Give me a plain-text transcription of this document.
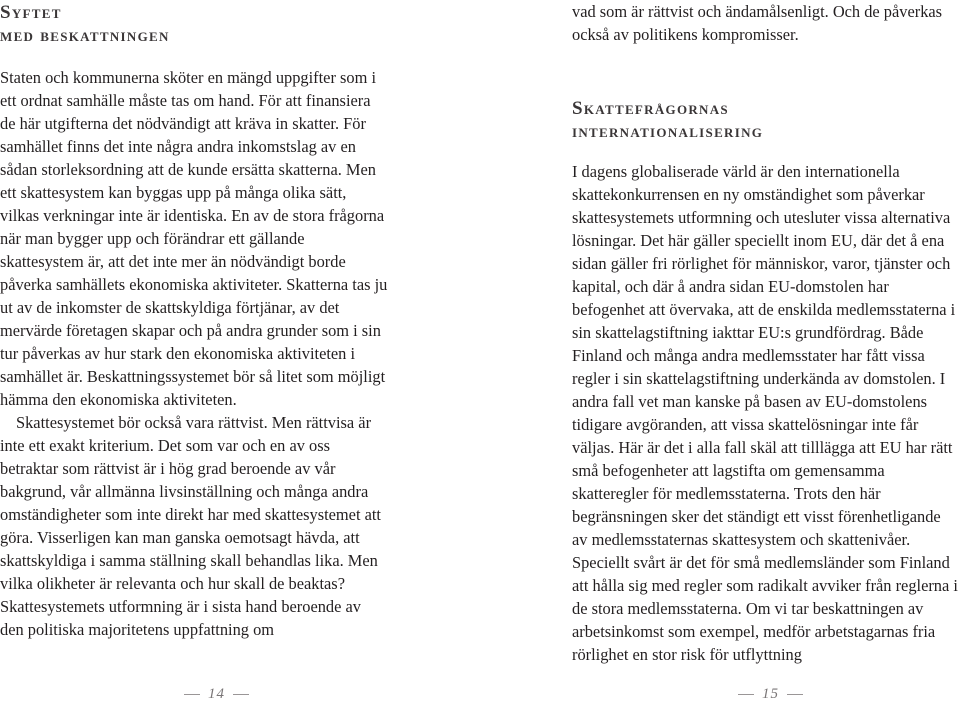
Syftet
med beskattningen

Staten och kommunerna sköter en mängd uppgifter som i ett ordnat samhälle måste tas om hand. För att finansiera de här utgifterna det nödvändigt att kräva in skatter. För samhället finns det inte några andra inkomstslag av en sådan storleksordning att de kunde ersätta skatterna. Men ett skattesystem kan byggas upp på många olika sätt, vilkas verkningar inte är identiska. En av de stora frågorna när man bygger upp och förändrar ett gällande skattesystem är, att det inte mer än nödvändigt borde påverka samhällets ekonomiska aktiviteter. Skatterna tas ju ut av de inkomster de skattskyldiga förtjänar, av det mervärde företagen skapar och på andra grunder som i sin tur påverkas av hur stark den ekonomiska aktiviteten i samhället är. Beskattningssystemet bör så litet som möjligt hämma den ekonomiska aktiviteten.

Skattesystemet bör också vara rättvist. Men rättvisa är inte ett exakt kriterium. Det som var och en av oss betraktar som rättvist är i hög grad beroende av vår bakgrund, vår allmänna livsinställning och många andra omständigheter som inte direkt har med skattesystemet att göra. Visserligen kan man ganska oemotsagt hävda, att skattskyldiga i samma ställning skall behandlas lika. Men vilka olikheter är relevanta och hur skall de beaktas? Skattesystemets utformning är i sista hand beroende av den politiska majoritetens uppfattning om

14

vad som är rättvist och ändamålsenligt. Och de påverkas också av politikens kompromisser.

Skattefrågornas
internationalisering

I dagens globaliserade värld är den internationella skattekonkurrensen en ny omständighet som påverkar skattesystemets utformning och utesluter vissa alternativa lösningar. Det här gäller speciellt inom EU, där det å ena sidan gäller fri rörlighet för människor, varor, tjänster och kapital, och där å andra sidan EU-domstolen har befogenhet att övervaka, att de enskilda medlemsstaterna i sin skattelagstiftning iakttar EU:s grundfördrag. Både Finland och många andra medlemsstater har fått vissa regler i sin skattelagstiftning underkända av domstolen. I andra fall vet man kanske på basen av EU-domstolens tidigare avgöranden, att vissa skattelösningar inte får väljas. Här är det i alla fall skäl att tilllägga att EU har rätt små befogenheter att lagstifta om gemensamma skatteregler för medlemsstaterna. Trots den här begränsningen sker det ständigt ett visst förenhetligande av medlemsstaternas skattesystem och skattenivåer. Speciellt svårt är det för små medlemsländer som Finland att hålla sig med regler som radikalt avviker från reglerna i de stora medlemsstaterna. Om vi tar beskattningen av arbetsinkomst som exempel, medför arbetstagarnas fria rörlighet en stor risk för utflyttning

15
